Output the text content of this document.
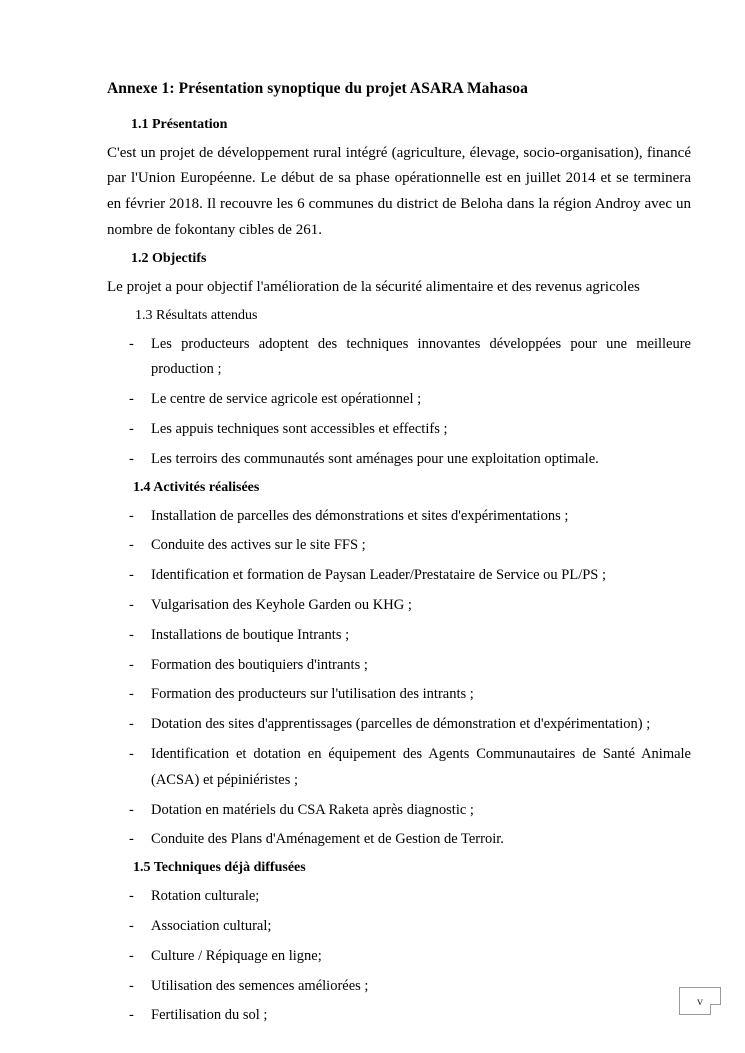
Annexe 1: Présentation synoptique du projet ASARA Mahasoa
1.1 Présentation

C'est un projet de développement rural intégré (agriculture, élevage, socio-organisation), financé par l'Union Européenne. Le début de sa phase opérationnelle est en juillet 2014 et se terminera en février 2018. Il recouvre les 6 communes du district de Beloha dans la région Androy avec un nombre de fokontany cibles de 261.

1.2 Objectifs

Le projet a pour objectif l'amélioration de la sécurité alimentaire et des revenus agricoles

1.3 Résultats attendus
- Les producteurs adoptent des techniques innovantes développées pour une meilleure production ;
- Le centre de service agricole est opérationnel ;
- Les appuis techniques sont accessibles et effectifs ;
- Les terroirs des communautés sont aménages pour une exploitation optimale.
1.4 Activités réalisées
- Installation de parcelles des démonstrations et sites d'expérimentations ;
- Conduite des actives sur le site FFS ;
- Identification et formation de Paysan Leader/Prestataire de Service ou PL/PS ;
- Vulgarisation des Keyhole Garden ou KHG ;
- Installations de boutique Intrants ;
- Formation des boutiquiers d'intrants ;
- Formation des producteurs sur l'utilisation des intrants ;
- Dotation des sites d'apprentissages (parcelles de démonstration et d'expérimentation) ;
- Identification et dotation en équipement des Agents Communautaires de Santé Animale (ACSA) et pépiniéristes ;
- Dotation en matériels du CSA Raketa après diagnostic ;
- Conduite des Plans d'Aménagement et de Gestion de Terroir.
1.5 Techniques déjà diffusées
- Rotation culturale;
- Association cultural;
- Culture / Répiquage en ligne;
- Utilisation des semences améliorées ;
- Fertilisation du sol ;
v
